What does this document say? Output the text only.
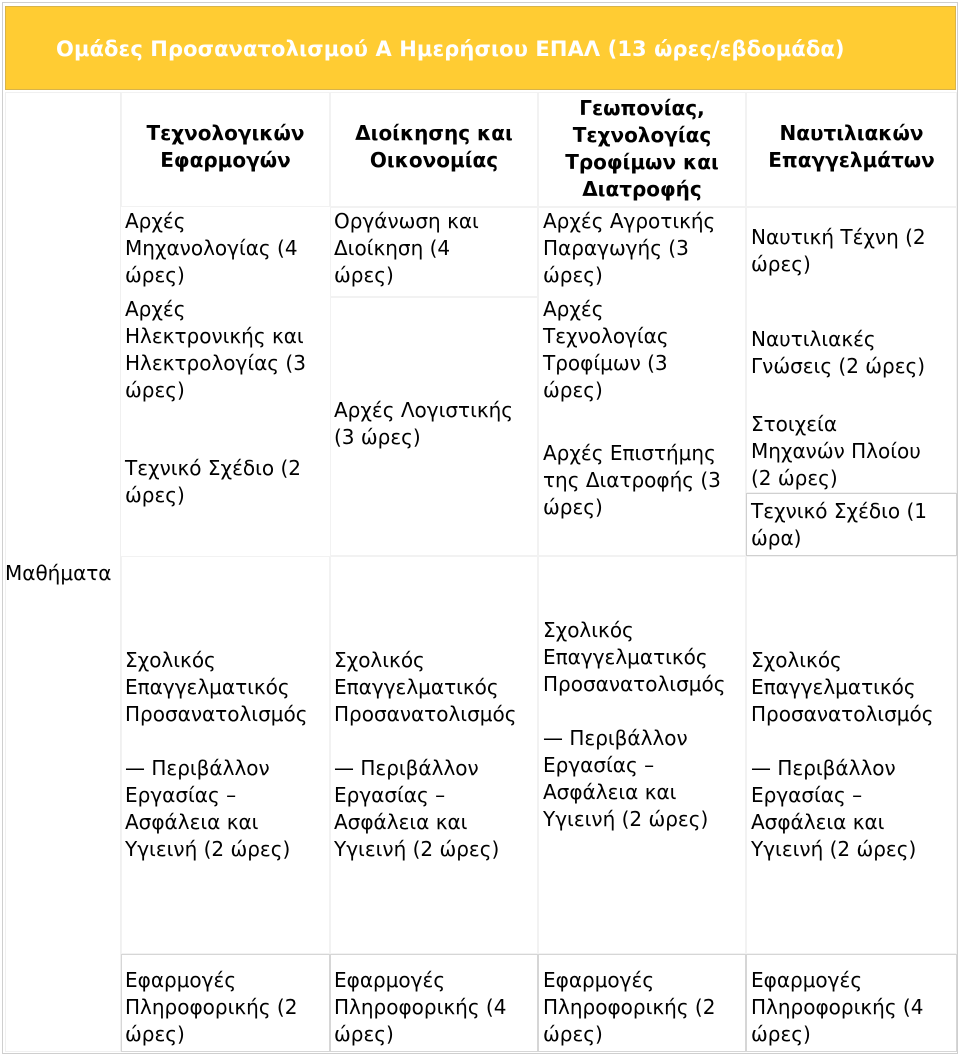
Ομάδες Προσανατολισμού Α Ημερήσιου ΕΠΑΛ (13 ώρες/εβδομάδα)
Μαθήματα
Τεχνολογικών
Εφαρμογών
Αρχές
Μηχανολογίας (4
ώρες)
Αρχές
Ηλεκτρονικής και
Ηλεκτρολογίας (3
ώρες)
Τεχνικό Σχέδιο (2
ώρες)
Σχολικός
Επαγγελματικός
Προσανατολισμός
— Περιβάλλον
Εργασίας –
Ασφάλεια και
Υγιεινή (2 ώρες)
Εφαρμογές
Πληροφορικής (2
ώρες)
Διοίκησης και
Οικονομίας
Οργάνωση και
Διοίκηση (4
ώρες)
Αρχές Λογιστικής
(3 ώρες)
Σχολικός
Επαγγελματικός
Προσανατολισμός
— Περιβάλλον
Εργασίας –
Ασφάλεια και
Υγιεινή (2 ώρες)
Εφαρμογές
Πληροφορικής (4
ώρες)
Γεωπονίας,
Τεχνολογίας
Τροφίμων και
Διατροφής
Αρχές Αγροτικής
Παραγωγής (3
ώρες)
Αρχές
Τεχνολογίας
Τροφίμων (3
ώρες)
Αρχές Επιστήμης
της Διατροφής (3
ώρες)
Σχολικός
Επαγγελματικός
Προσανατολισμός
— Περιβάλλον
Εργασίας –
Ασφάλεια και
Υγιεινή (2 ώρες)
Εφαρμογές
Πληροφορικής (2
ώρες)
Ναυτιλιακών
Επαγγελμάτων
Ναυτική Τέχνη (2
ώρες)
Ναυτιλιακές
Γνώσεις (2 ώρες)
Στοιχεία
Μηχανών Πλοίου
(2 ώρες)
Τεχνικό Σχέδιο (1
ώρα)
Σχολικός
Επαγγελματικός
Προσανατολισμός
— Περιβάλλον
Εργασίας –
Ασφάλεια και
Υγιεινή (2 ώρες)
Εφαρμογές
Πληροφορικής (4
ώρες)
